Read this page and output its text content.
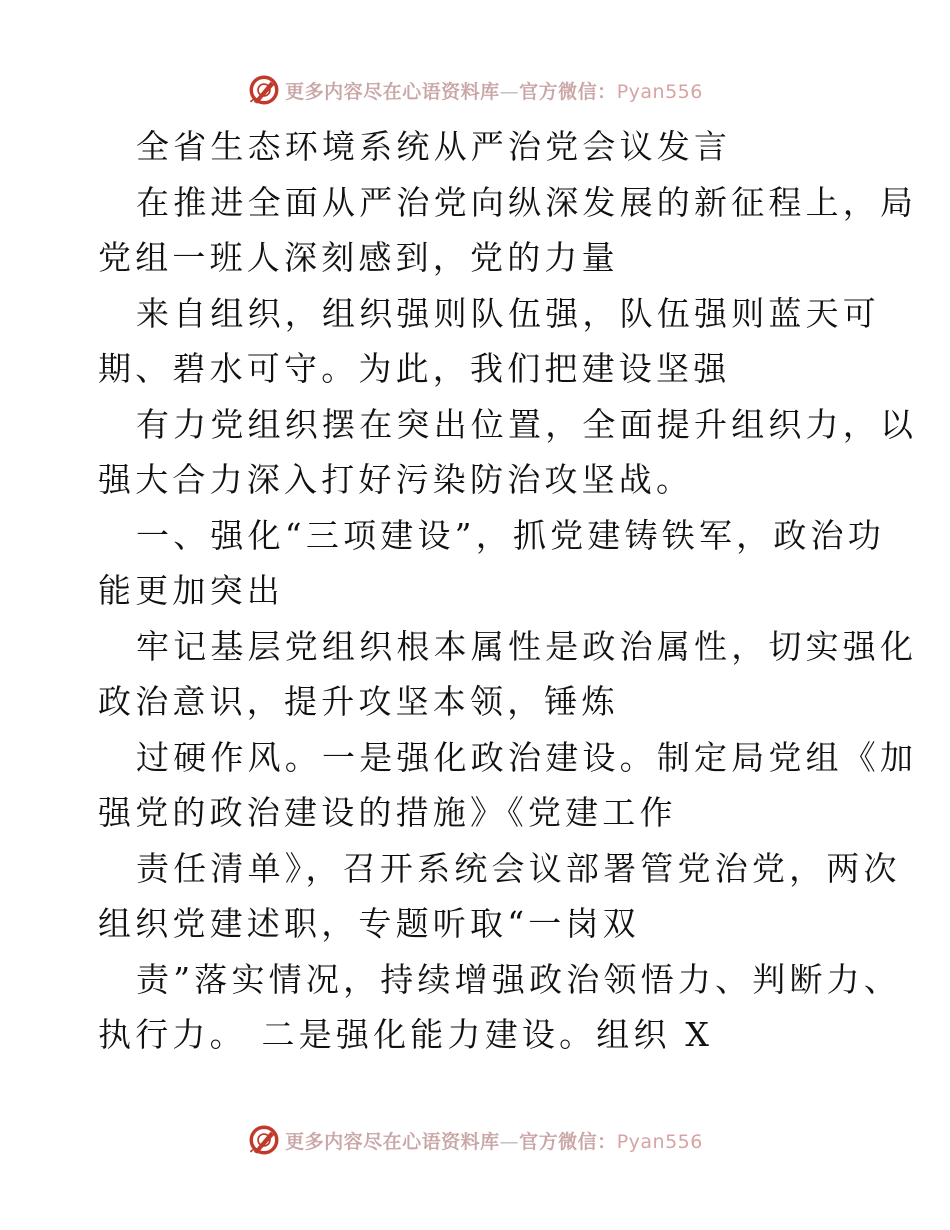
更多内容尽在心语资料库—官方微信：Pyan556

全省生态环境系统从严治党会议发言

在推进全面从严治党向纵深发展的新征程上，局
党组一班人深刻感到，党的力量

来自组织，组织强则队伍强，队伍强则蓝天可
期、碧水可守。为此，我们把建设坚强

有力党组织摆在突出位置，全面提升组织力，以
强大合力深入打好污染防治攻坚战。

一、强化“三项建设”，抓党建铸铁军，政治功
能更加突出

牢记基层党组织根本属性是政治属性，切实强化
政治意识，提升攻坚本领，锤炼

过硬作风。一是强化政治建设。制定局党组《加
强党的政治建设的措施》《党建工作

责任清单》，召开系统会议部署管党治党，两次
组织党建述职，专题听取“一岗双

责”落实情况，持续增强政治领悟力、判断力、
执行力。 二是强化能力建设。组织 X

更多内容尽在心语资料库—官方微信：Pyan556
